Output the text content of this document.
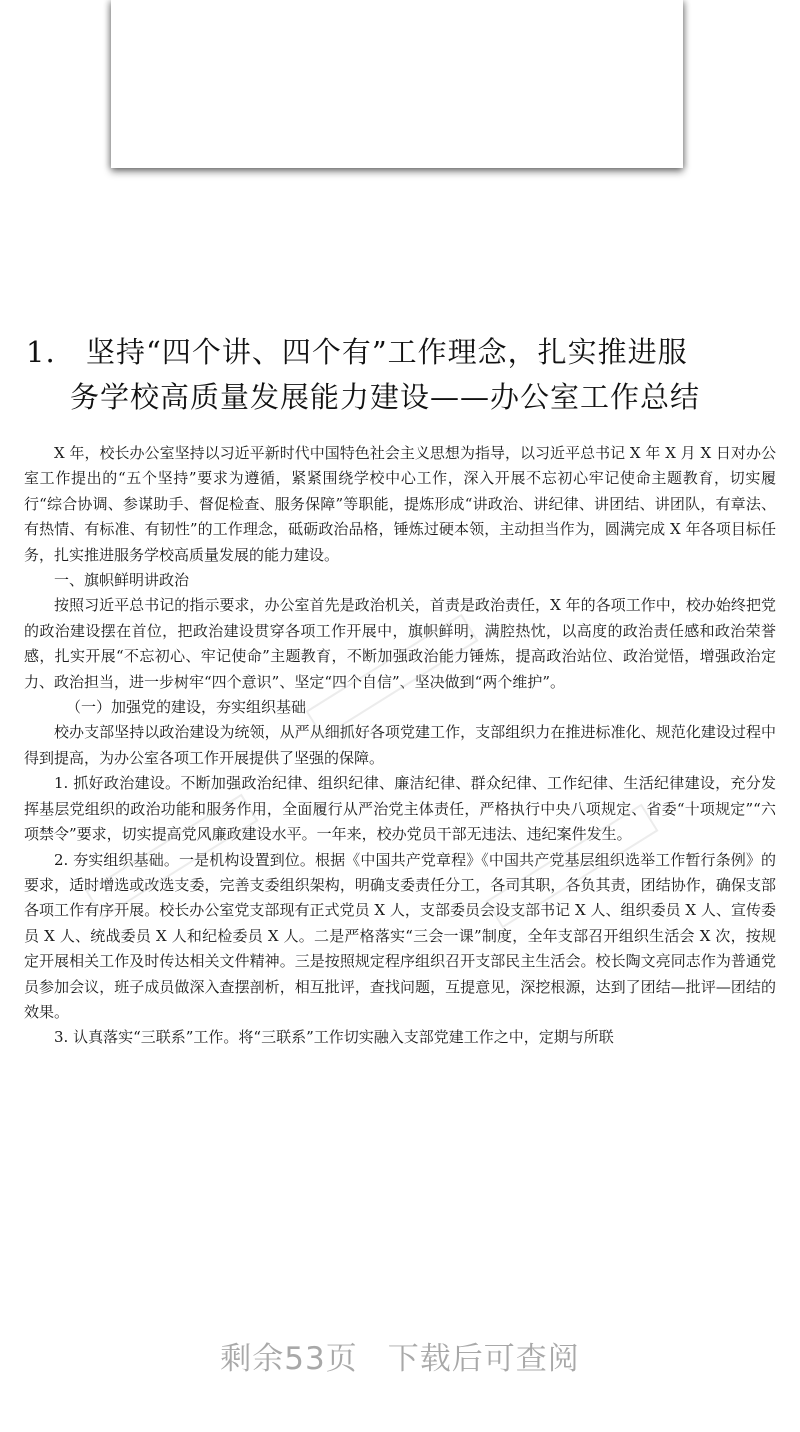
1. 坚持“四个讲、四个有”工作理念，扎实推进服
务学校高质量发展能力建设——办公室工作总结

X 年，校长办公室坚持以习近平新时代中国特色社会主义思想为指导，以习近平总书记 X 年 X 月 X 日对办公室工作提出的“五个坚持”要求为遵循，紧紧围绕学校中心工作，深入开展不忘初心牢记使命主题教育，切实履行“综合协调、参谋助手、督促检查、服务保障”等职能，提炼形成“讲政治、讲纪律、讲团结、讲团队，有章法、有热情、有标准、有韧性”的工作理念，砥砺政治品格，锤炼过硬本领，主动担当作为，圆满完成 X 年各项目标任务，扎实推进服务学校高质量发展的能力建设。

一、旗帜鲜明讲政治

按照习近平总书记的指示要求，办公室首先是政治机关，首责是政治责任，X 年的各项工作中，校办始终把党的政治建设摆在首位，把政治建设贯穿各项工作开展中，旗帜鲜明，满腔热忱，以高度的政治责任感和政治荣誉感，扎实开展“不忘初心、牢记使命”主题教育，不断加强政治能力锤炼，提高政治站位、政治觉悟，增强政治定力、政治担当，进一步树牢“四个意识”、坚定“四个自信”、坚决做到“两个维护”。

（一）加强党的建设，夯实组织基础

校办支部坚持以政治建设为统领，从严从细抓好各项党建工作，支部组织力在推进标准化、规范化建设过程中得到提高，为办公室各项工作开展提供了坚强的保障。

1. 抓好政治建设。不断加强政治纪律、组织纪律、廉洁纪律、群众纪律、工作纪律、生活纪律建设，充分发挥基层党组织的政治功能和服务作用，全面履行从严治党主体责任，严格执行中央八项规定、省委“十项规定”“六项禁令”要求，切实提高党风廉政建设水平。一年来，校办党员干部无违法、违纪案件发生。

2. 夯实组织基础。一是机构设置到位。根据《中国共产党章程》《中国共产党基层组织选举工作暂行条例》的要求，适时增选或改选支委，完善支委组织架构，明确支委责任分工，各司其职，各负其责，团结协作，确保支部各项工作有序开展。校长办公室党支部现有正式党员 X 人，支部委员会设支部书记 X 人、组织委员 X 人、宣传委员 X 人、统战委员 X 人和纪检委员 X 人。二是严格落实“三会一课”制度，全年支部召开组织生活会 X 次，按规定开展相关工作及时传达相关文件精神。三是按照规定程序组织召开支部民主生活会。校长陶文亮同志作为普通党员参加会议，班子成员做深入查摆剖析，相互批评，查找问题，互提意见，深挖根源，达到了团结—批评—团结的效果。

3. 认真落实“三联系”工作。将“三联系”工作切实融入支部党建工作之中，定期与所联

剩余53页 下载后可查阅
